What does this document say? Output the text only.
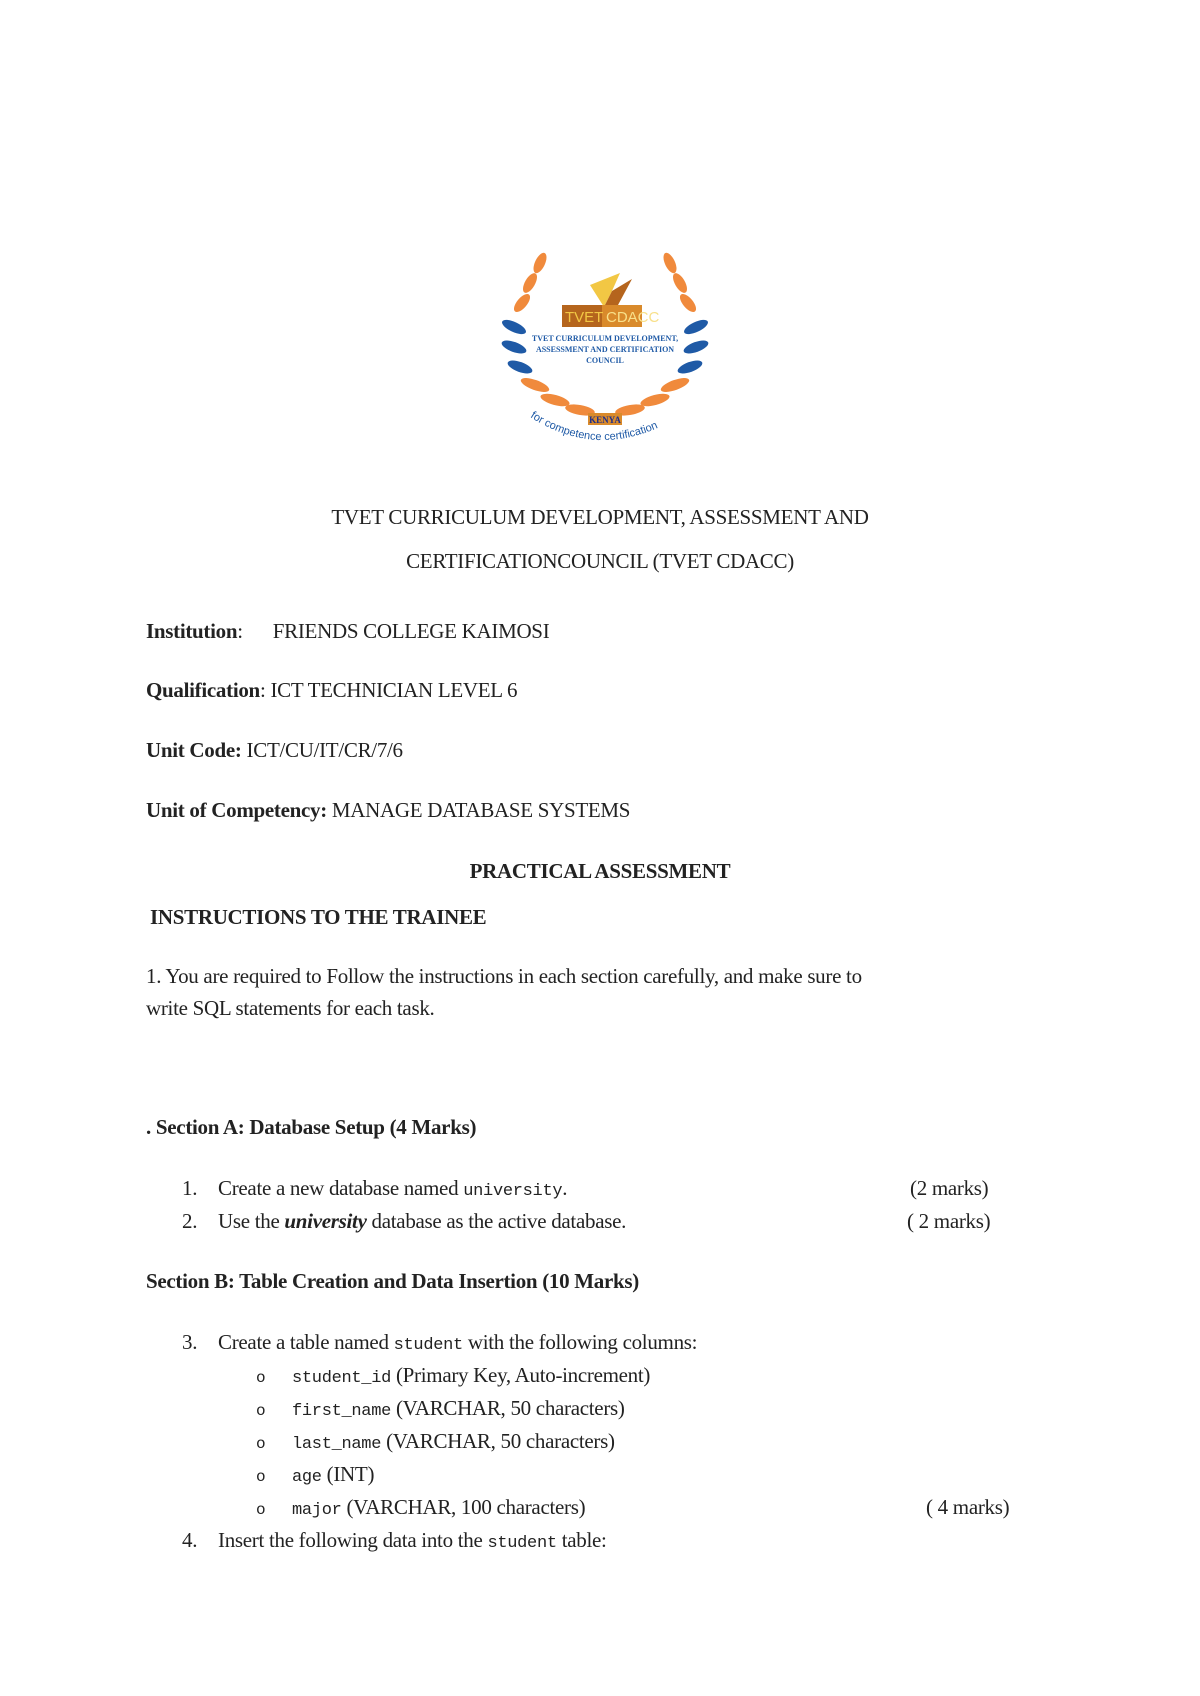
TVET CDACC
TVET CURRICULUM DEVELOPMENT,
ASSESSMENT AND CERTIFICATION
COUNCIL
KENYA
for competence certification
TVET CURRICULUM DEVELOPMENT, ASSESSMENT AND
CERTIFICATIONCOUNCIL (TVET CDACC)
Institution: FRIENDS COLLEGE KAIMOSI
Qualification: ICT TECHNICIAN LEVEL 6
Unit Code: ICT/CU/IT/CR/7/6
Unit of Competency: MANAGE DATABASE SYSTEMS
PRACTICAL ASSESSMENT
INSTRUCTIONS TO THE TRAINEE
1. You are required to Follow the instructions in each section carefully, and make sure to
write SQL statements for each task.
. Section A: Database Setup (4 Marks)
1. Create a new database named university.	(2 marks)
2. Use the university database as the active database.	( 2 marks)
Section B: Table Creation and Data Insertion (10 Marks)
3. Create a table named student with the following columns:
o student_id (Primary Key, Auto-increment)
o first_name (VARCHAR, 50 characters)
o last_name (VARCHAR, 50 characters)
o age (INT)
o major (VARCHAR, 100 characters)	( 4 marks)
4. Insert the following data into the student table:
